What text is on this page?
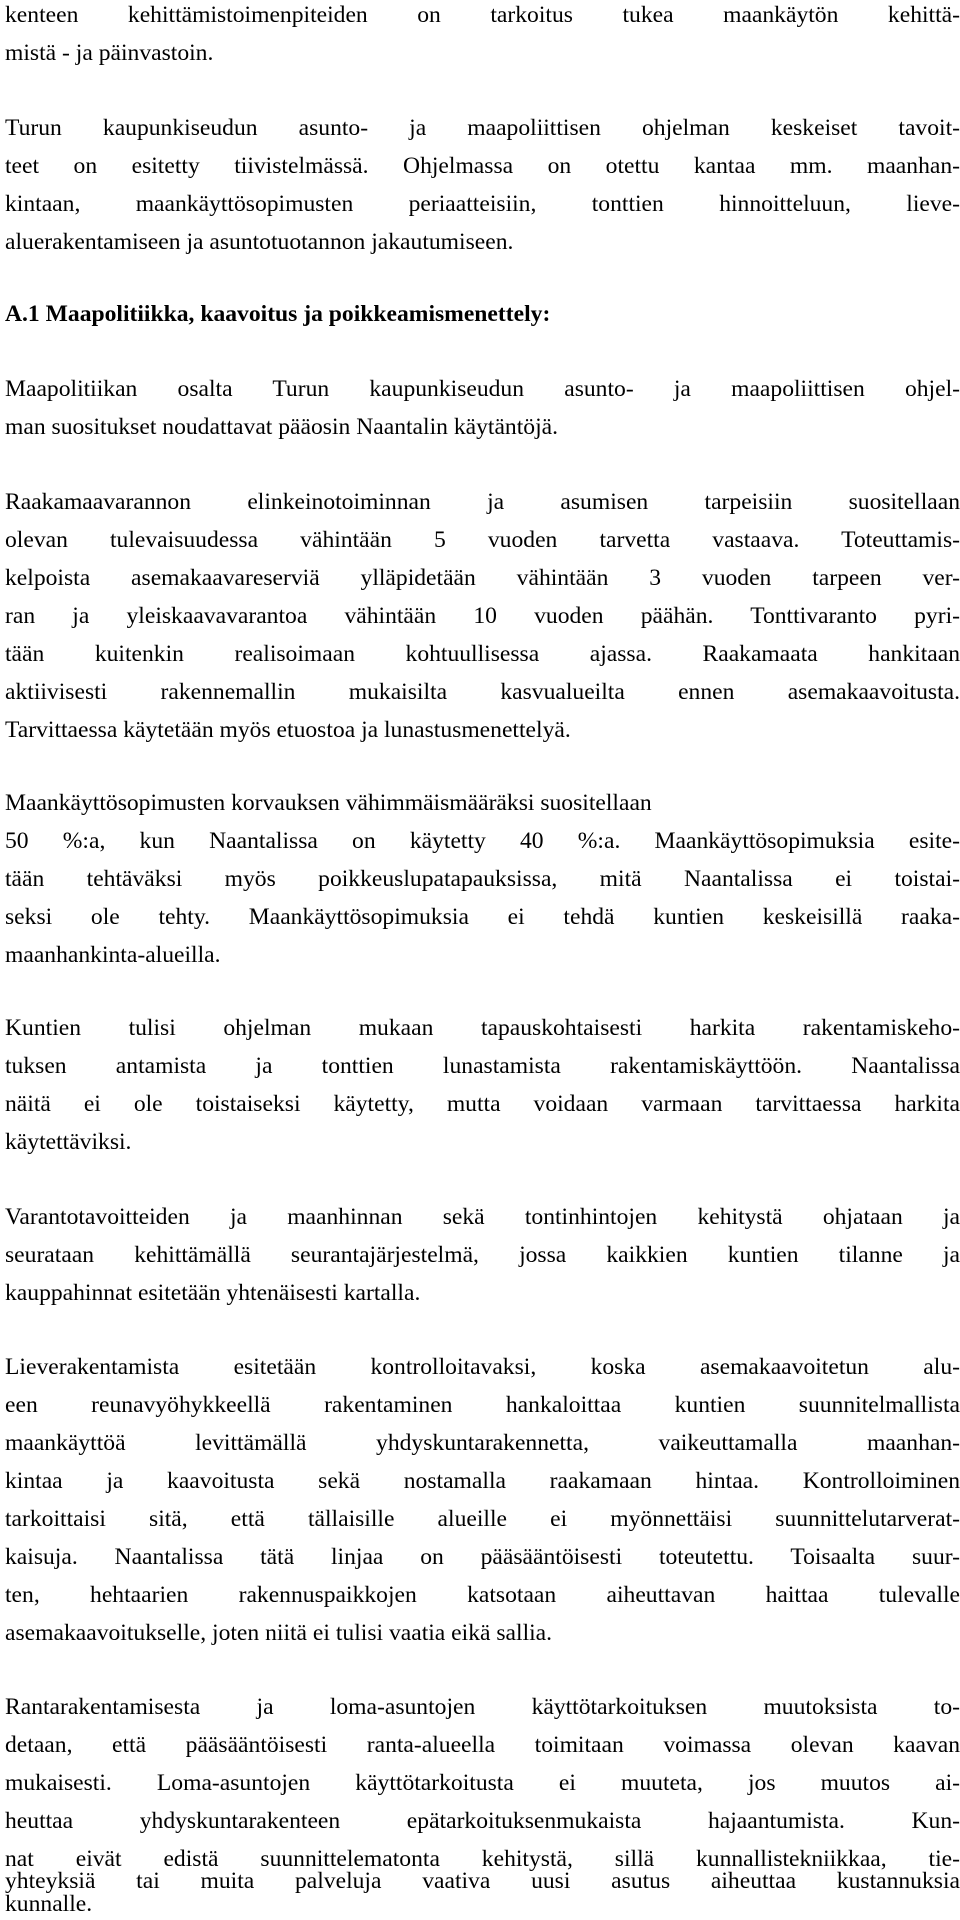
kenteen kehittämistoimenpiteiden on tarkoitus tukea maankäytön kehittä-
mistä - ja päinvastoin.
Turun kaupunkiseudun asunto- ja maapoliittisen ohjelman keskeiset tavoit-
teet on esitetty tiivistelmässä. Ohjelmassa on otettu kantaa mm. maanhan-
kintaan, maankäyttösopimusten periaatteisiin, tonttien hinnoitteluun, lieve-
aluerakentamiseen ja asuntotuotannon jakautumiseen.
A.1 Maapolitiikka, kaavoitus ja poikkeamismenettely:
Maapolitiikan osalta Turun kaupunkiseudun asunto- ja maapoliittisen ohjel-
man suositukset noudattavat pääosin Naantalin käytäntöjä.
Raakamaavarannon elinkeinotoiminnan ja asumisen tarpeisiin suositellaan
olevan tulevaisuudessa vähintään 5 vuoden tarvetta vastaava. Toteuttamis-
kelpoista asemakaavareserviä ylläpidetään vähintään 3 vuoden tarpeen ver-
ran ja yleiskaavavarantoa vähintään 10 vuoden päähän. Tonttivaranto pyri-
tään kuitenkin realisoimaan kohtuullisessa ajassa. Raakamaata hankitaan
aktiivisesti rakennemallin mukaisilta kasvualueilta ennen asemakaavoitusta.
Tarvittaessa käytetään myös etuostoa ja lunastusmenettelyä.
Maankäyttösopimusten korvauksen vähimmäismääräksi suositellaan
50 %:a, kun Naantalissa on käytetty 40 %:a. Maankäyttösopimuksia esite-
tään tehtäväksi myös poikkeuslupatapauksissa, mitä Naantalissa ei toistai-
seksi ole tehty. Maankäyttösopimuksia ei tehdä kuntien keskeisillä raaka-
maanhankinta-alueilla.
Kuntien tulisi ohjelman mukaan tapauskohtaisesti harkita rakentamiskeho-
tuksen antamista ja tonttien lunastamista rakentamiskäyttöön. Naantalissa
näitä ei ole toistaiseksi käytetty, mutta voidaan varmaan tarvittaessa harkita
käytettäviksi.
Varantotavoitteiden ja maanhinnan sekä tontinhintojen kehitystä ohjataan ja
seurataan kehittämällä seurantajärjestelmä, jossa kaikkien kuntien tilanne ja
kauppahinnat esitetään yhtenäisesti kartalla.
Lieverakentamista esitetään kontrolloitavaksi, koska asemakaavoitetun alu-
een reunavyöhykkeellä rakentaminen hankaloittaa kuntien suunnitelmallista
maankäyttöä levittämällä yhdyskuntarakennetta, vaikeuttamalla maanhan-
kintaa ja kaavoitusta sekä nostamalla raakamaan hintaa. Kontrolloiminen
tarkoittaisi sitä, että tällaisille alueille ei myönnettäisi suunnittelutarverat-
kaisuja. Naantalissa tätä linjaa on pääsääntöisesti toteutettu. Toisaalta suur-
ten, hehtaarien rakennuspaikkojen katsotaan aiheuttavan haittaa tulevalle
asemakaavoitukselle, joten niitä ei tulisi vaatia eikä sallia.
Rantarakentamisesta ja loma-asuntojen käyttötarkoituksen muutoksista to-
detaan, että pääsääntöisesti ranta-alueella toimitaan voimassa olevan kaavan
mukaisesti. Loma-asuntojen käyttötarkoitusta ei muuteta, jos muutos ai-
heuttaa yhdyskuntarakenteen epätarkoituksenmukaista hajaantumista. Kun-
nat eivät edistä suunnittelematonta kehitystä, sillä kunnallistekniikkaa, tie-
yhteyksiä tai muita palveluja vaativa uusi asutus aiheuttaa kustannuksia
kunnalle.
